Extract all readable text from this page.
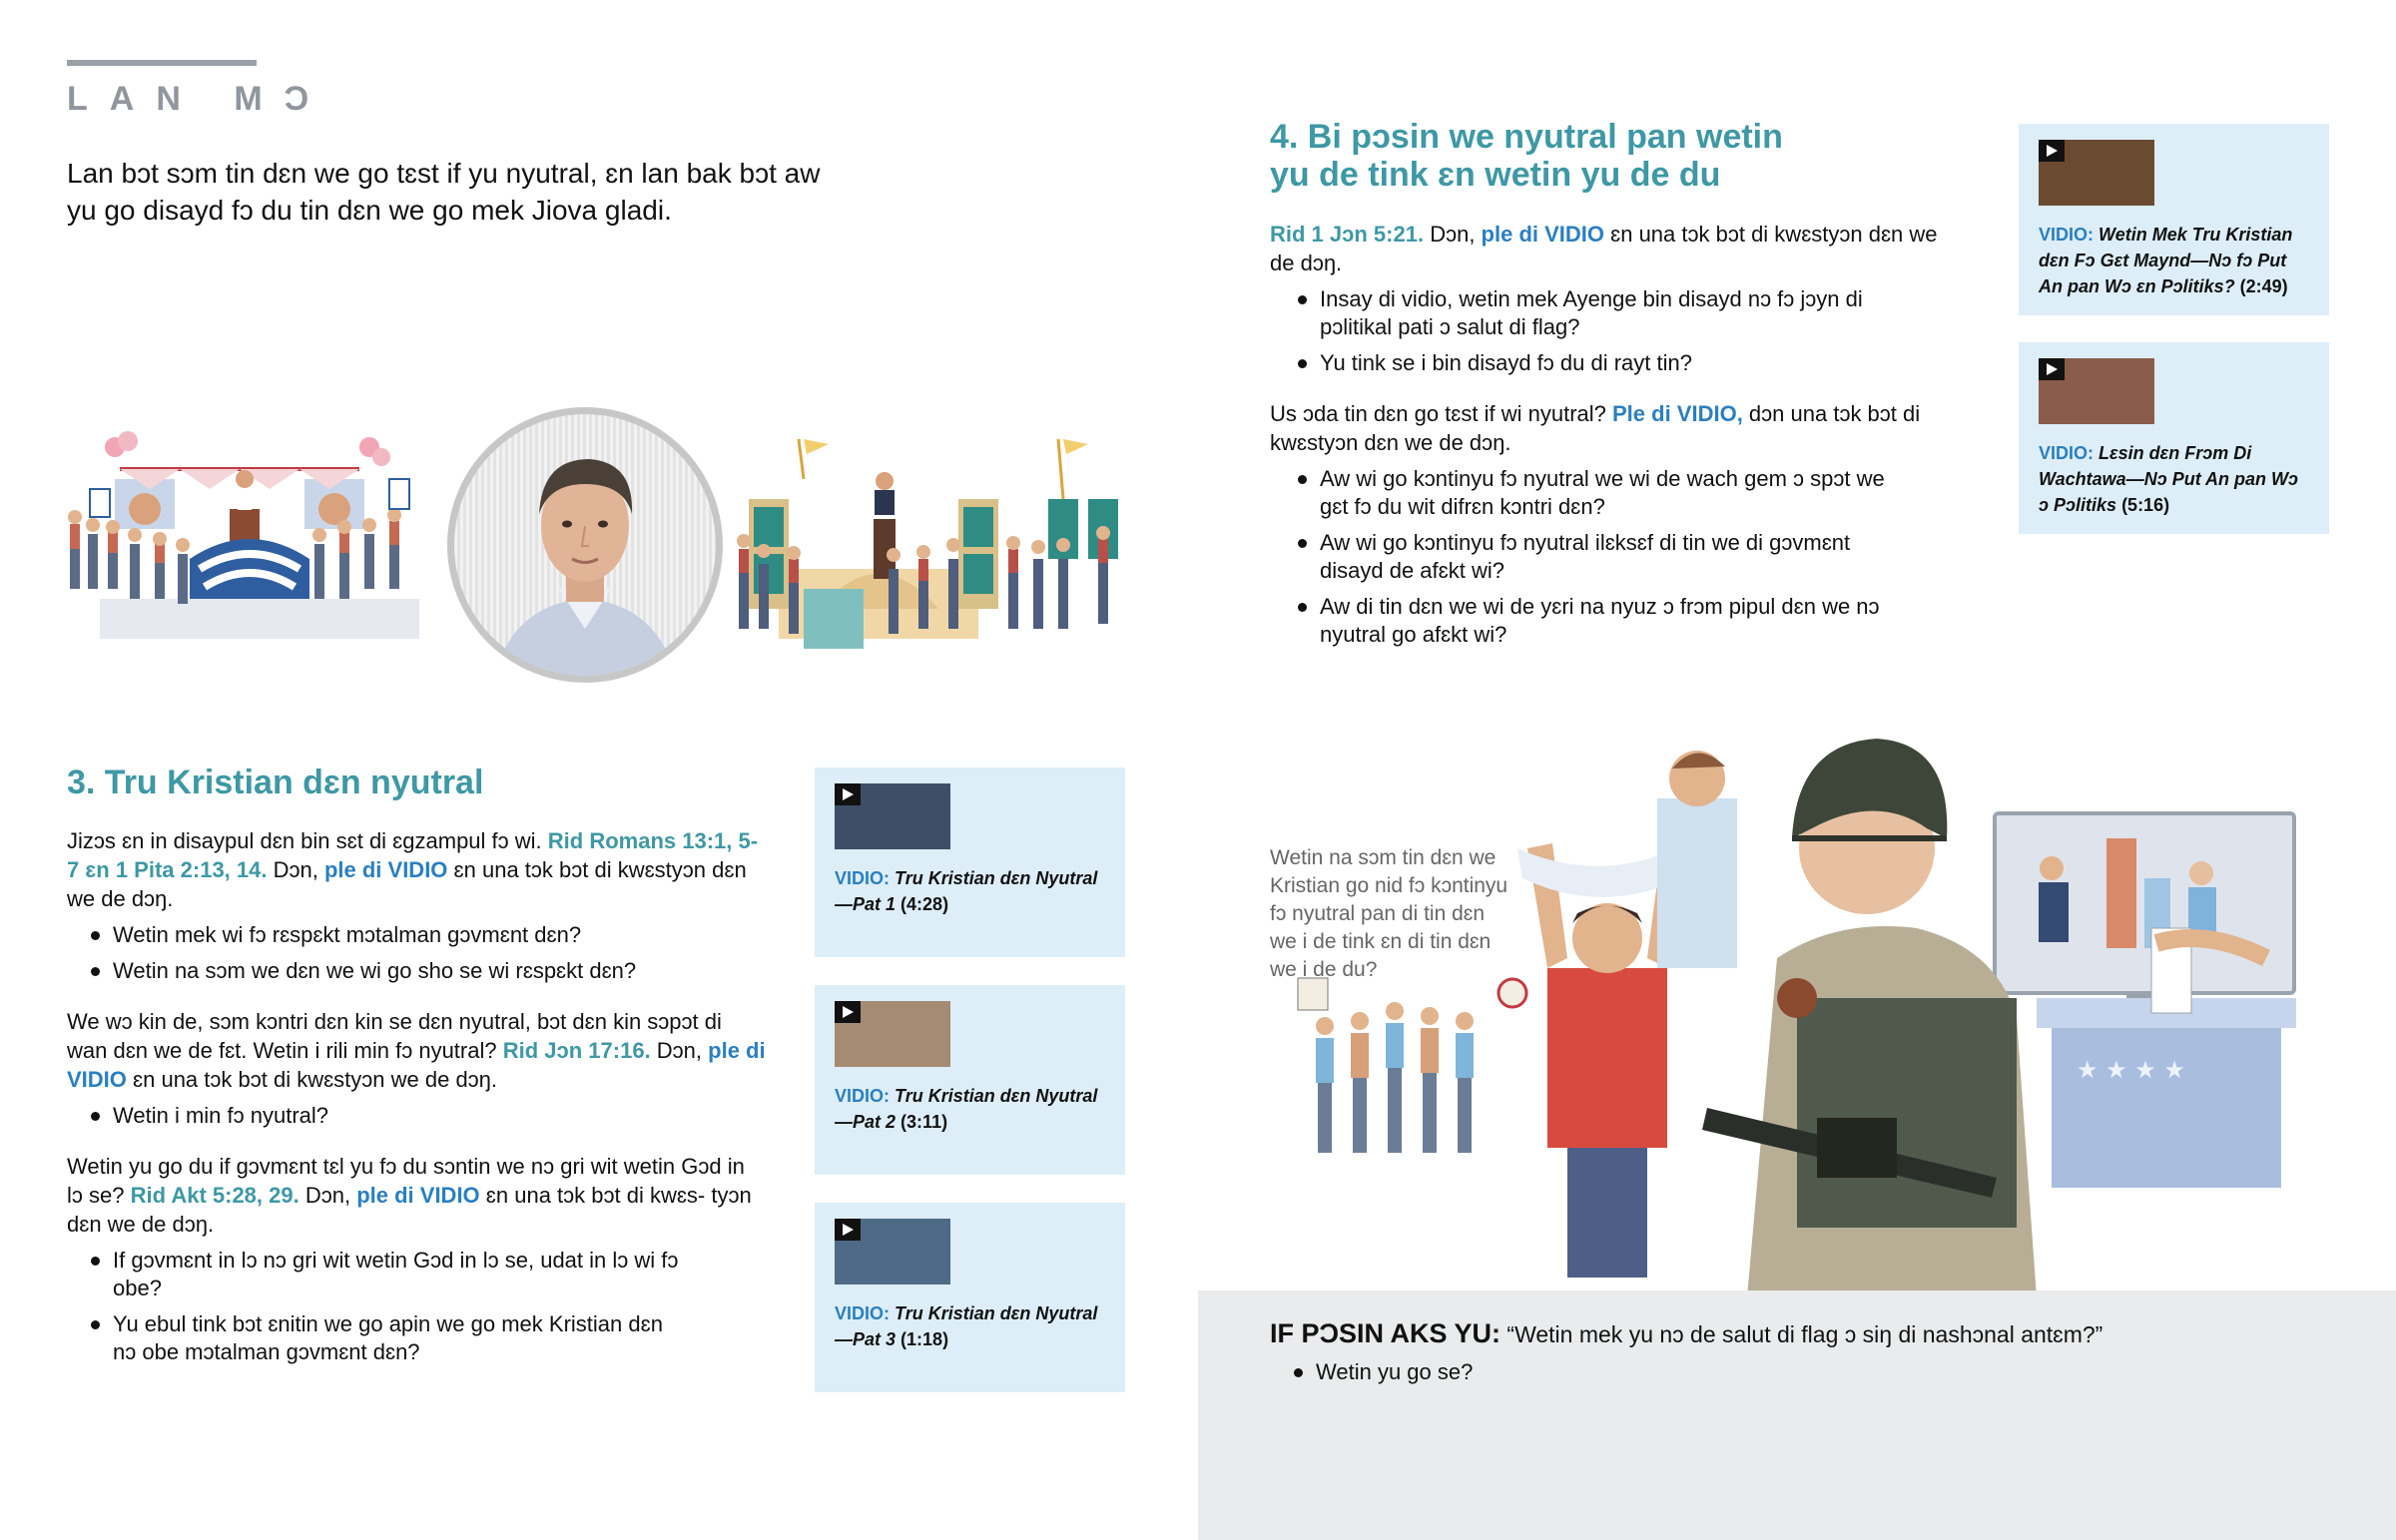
LAN MƆ
Lan bɔt sɔm tin dɛn we go tɛst if yu nyutral, ɛn lan bak bɔt aw yu go disayd fɔ du tin dɛn we go mek Jiova gladi.
3. Tru Kristian dɛn nyutral

Jizɔs ɛn in disaypul dɛn bin sɛt di ɛgzampul fɔ wi. Rid Romans 13:1, 5-7 ɛn 1 Pita 2:13, 14. Dɔn, ple di VIDIO ɛn una tɔk bɔt di kwɛstyɔn dɛn we de dɔŋ.

Wetin mek wi fɔ rɛspɛkt mɔtalman gɔvmɛnt dɛn?
Wetin na sɔm we dɛn we wi go sho se wi rɛspɛkt dɛn?

We wɔ kin de, sɔm kɔntri dɛn kin se dɛn nyutral, bɔt dɛn kin sɔpɔt di wan dɛn we de fɛt. Wetin i rili min fɔ nyutral? Rid Jɔn 17:16. Dɔn, ple di VIDIO ɛn una tɔk bɔt di kwɛstyɔn we de dɔŋ.

Wetin i min fɔ nyutral?

Wetin yu go du if gɔvmɛnt tɛl yu fɔ du sɔntin we nɔ gri wit wetin Gɔd in lɔ se? Rid Akt 5:28, 29. Dɔn, ple di VIDIO ɛn una tɔk bɔt di kwɛs- tyɔn dɛn we de dɔŋ.

If gɔvmɛnt in lɔ nɔ gri wit wetin Gɔd in lɔ se, udat in lɔ wi fɔ obe?
Yu ebul tink bɔt ɛnitin we go apin we go mek Kristian dɛn nɔ obe mɔtalman gɔvmɛnt dɛn?
VIDIO: Tru Kristian dɛn Nyutral—Pat 1 (4:28)
VIDIO: Tru Kristian dɛn Nyutral—Pat 2 (3:11)
VIDIO: Tru Kristian dɛn Nyutral—Pat 3 (1:18)
4. Bi pɔsin we nyutral pan wetin yu de tink ɛn wetin yu de du

Rid 1 Jɔn 5:21. Dɔn, ple di VIDIO ɛn una tɔk bɔt di kwɛstyɔn dɛn we de dɔŋ.

Insay di vidio, wetin mek Ayenge bin disayd nɔ fɔ jɔyn di pɔlitikal pati ɔ salut di flag?
Yu tink se i bin disayd fɔ du di rayt tin?

Us ɔda tin dɛn go tɛst if wi nyutral? Ple di VIDIO, dɔn una tɔk bɔt di kwɛstyɔn dɛn we de dɔŋ.

Aw wi go kɔntinyu fɔ nyutral we wi de wach gem ɔ spɔt we gɛt fɔ du wit difrɛn kɔntri dɛn?
Aw wi go kɔntinyu fɔ nyutral ilɛksɛf di tin we di gɔvmɛnt disayd de afɛkt wi?
Aw di tin dɛn we wi de yɛri na nyuz ɔ frɔm pipul dɛn we nɔ nyutral go afɛkt wi?
VIDIO: Wetin Mek Tru Kristian dɛn Fɔ Gɛt Maynd—Nɔ fɔ Put An pan Wɔ ɛn Pɔlitiks? (2:49)
VIDIO: Lɛsin dɛn Frɔm Di Wachtawa—Nɔ Put An pan Wɔ ɔ Pɔlitiks (5:16)
★ ★ ★ ★
Wetin na sɔm tin dɛn we Kristian go nid fɔ kɔntinyu fɔ nyutral pan di tin dɛn we i de tink ɛn di tin dɛn we i de du?
IF PƆSIN AKS YU: “Wetin mek yu nɔ de salut di flag ɔ siŋ di nashɔnal antɛm?”
Wetin yu go se?
